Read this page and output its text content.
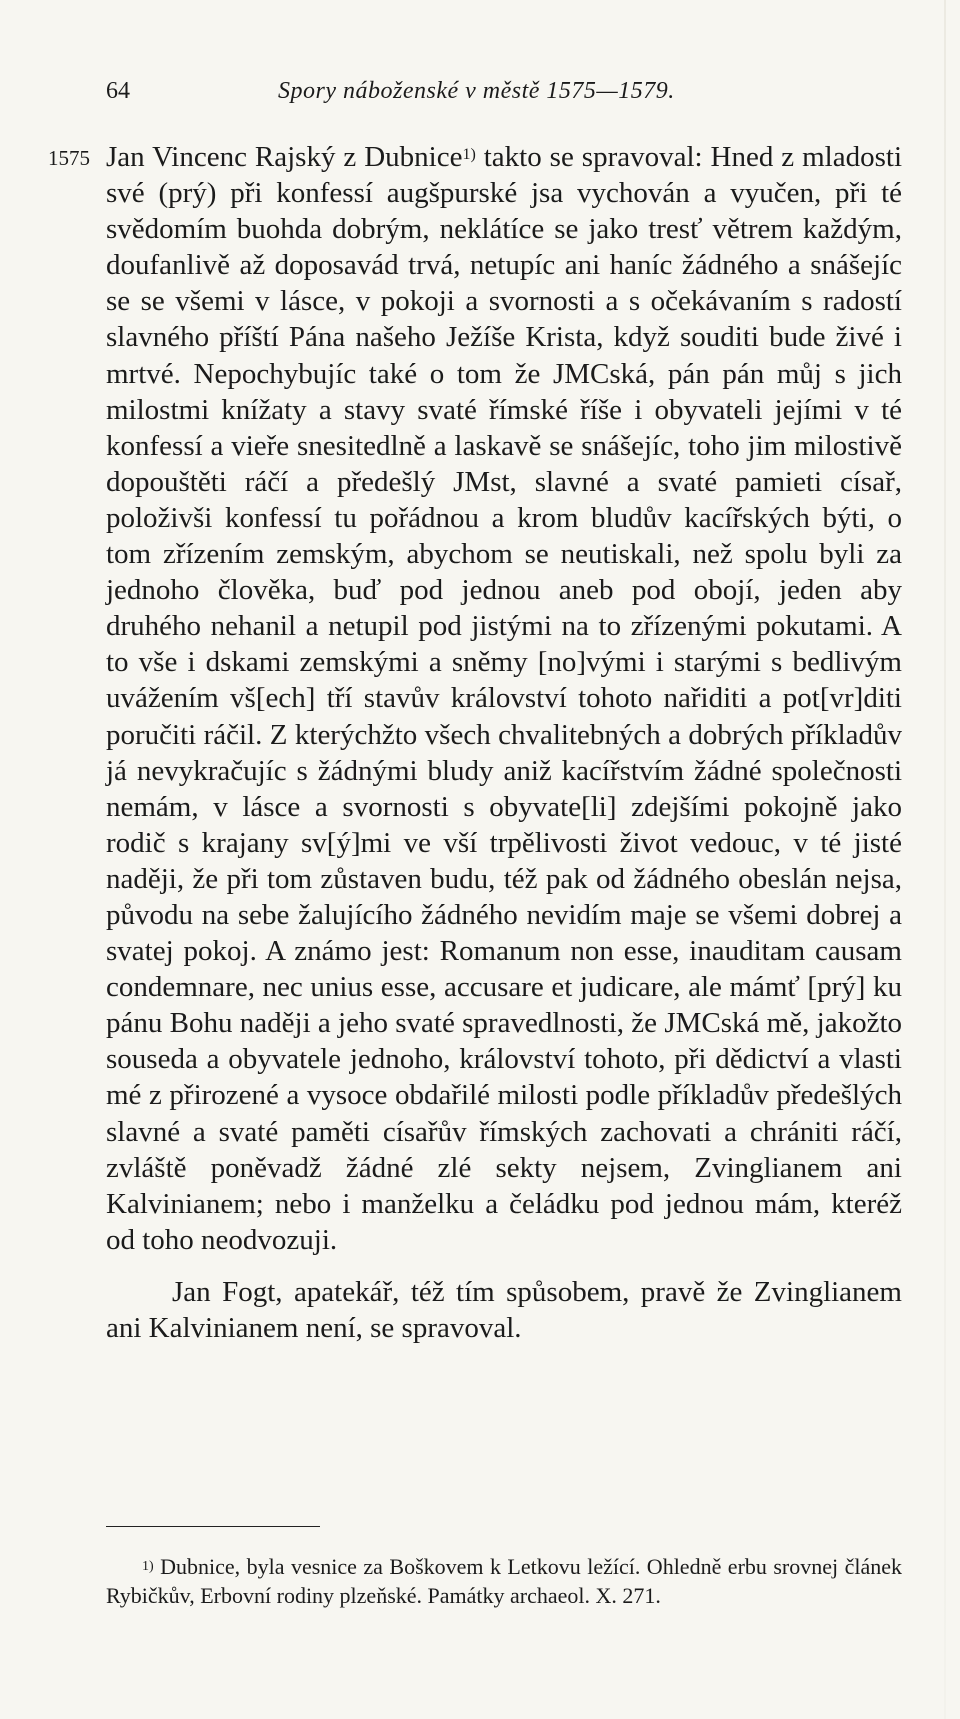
64	Spory náboženské v městě 1575—1579.
1575 Jan Vincenc Rajský z Dubnice$^{1)}$ takto se spravoval: Hned z mladosti své (prý) při konfessí augšpurské jsa vychován a vyučen, při té svědomím buohda dobrým, neklátíce se jako tresť větrem každým, doufanlivě až doposavád trvá, netupíc ani haníc žádného a snášejíc se se všemi v lásce, v pokoji a svornosti a s očekávaním s radostí slavného příští Pána našeho Ježíše Krista, když souditi bude živé i mrtvé. Nepochybujíc také o tom že JMCská, pán pán můj s jich milostmi knížaty a stavy svaté římské říše i obyvateli jejími v té konfessí a vieře snesitedlně a laskavě se snášejíc, toho jim milostivě dopouštěti ráčí a předešlý JMst, slavné a svaté pamieti císař, položivši konfessí tu pořádnou a krom bludův kacířských býti, o tom zřízením zemským, abychom se neutiskali, než spolu byli za jednoho člověka, buď pod jednou aneb pod obojí, jeden aby druhého nehanil a netupil pod jistými na to zřízenými pokutami. A to vše i dskami zemskými a sněmy [no]vými i starými s bedlivým uvážením vš[ech] tří stavův království tohoto nařiditi a pot[vr]diti poručiti ráčil. Z kterýchžto všech chvalitebných a dobrých příkladův já nevykračujíc s žádnými bludy aniž kacířstvím žádné společnosti nemám, v lásce a svornosti s obyvate[li] zdejšími pokojně jako rodič s krajany sv[ý]mi ve vší trpělivosti život vedouc, v té jisté naději, že při tom zůstaven budu, též pak od žádného obeslán nejsa, původu na sebe žalujícího žádného nevidím maje se všemi dobrej a svatej pokoj. A známo jest: Romanum non esse, inauditam causam condemnare, nec unius esse, accusare et judicare, ale mámť [prý] ku pánu Bohu naději a jeho svaté spravedlnosti, že JMCská mě, jakožto souseda a obyvatele jednoho, království tohoto, při dědictví a vlasti mé z přirozené a vysoce obdařilé milosti podle příkladův předešlých slavné a svaté paměti císařův římských zachovati a chrániti ráčí, zvláště poněvadž žádné zlé sekty nejsem, Zvinglianem ani Kalvinianem; nebo i manželku a čeládku pod jednou mám, kteréž od toho neodvozuji.

Jan Fogt, apatekář, též tím spůsobem, pravě že Zvinglianem ani Kalvinianem není, se spravoval.

$^{1)}$ Dubnice, byla vesnice za Boškovem k Letkovu ležící. Ohledně erbu srovnej článek Rybičkův, Erbovní rodiny plzeňské. Památky archaeol. X. 271.
